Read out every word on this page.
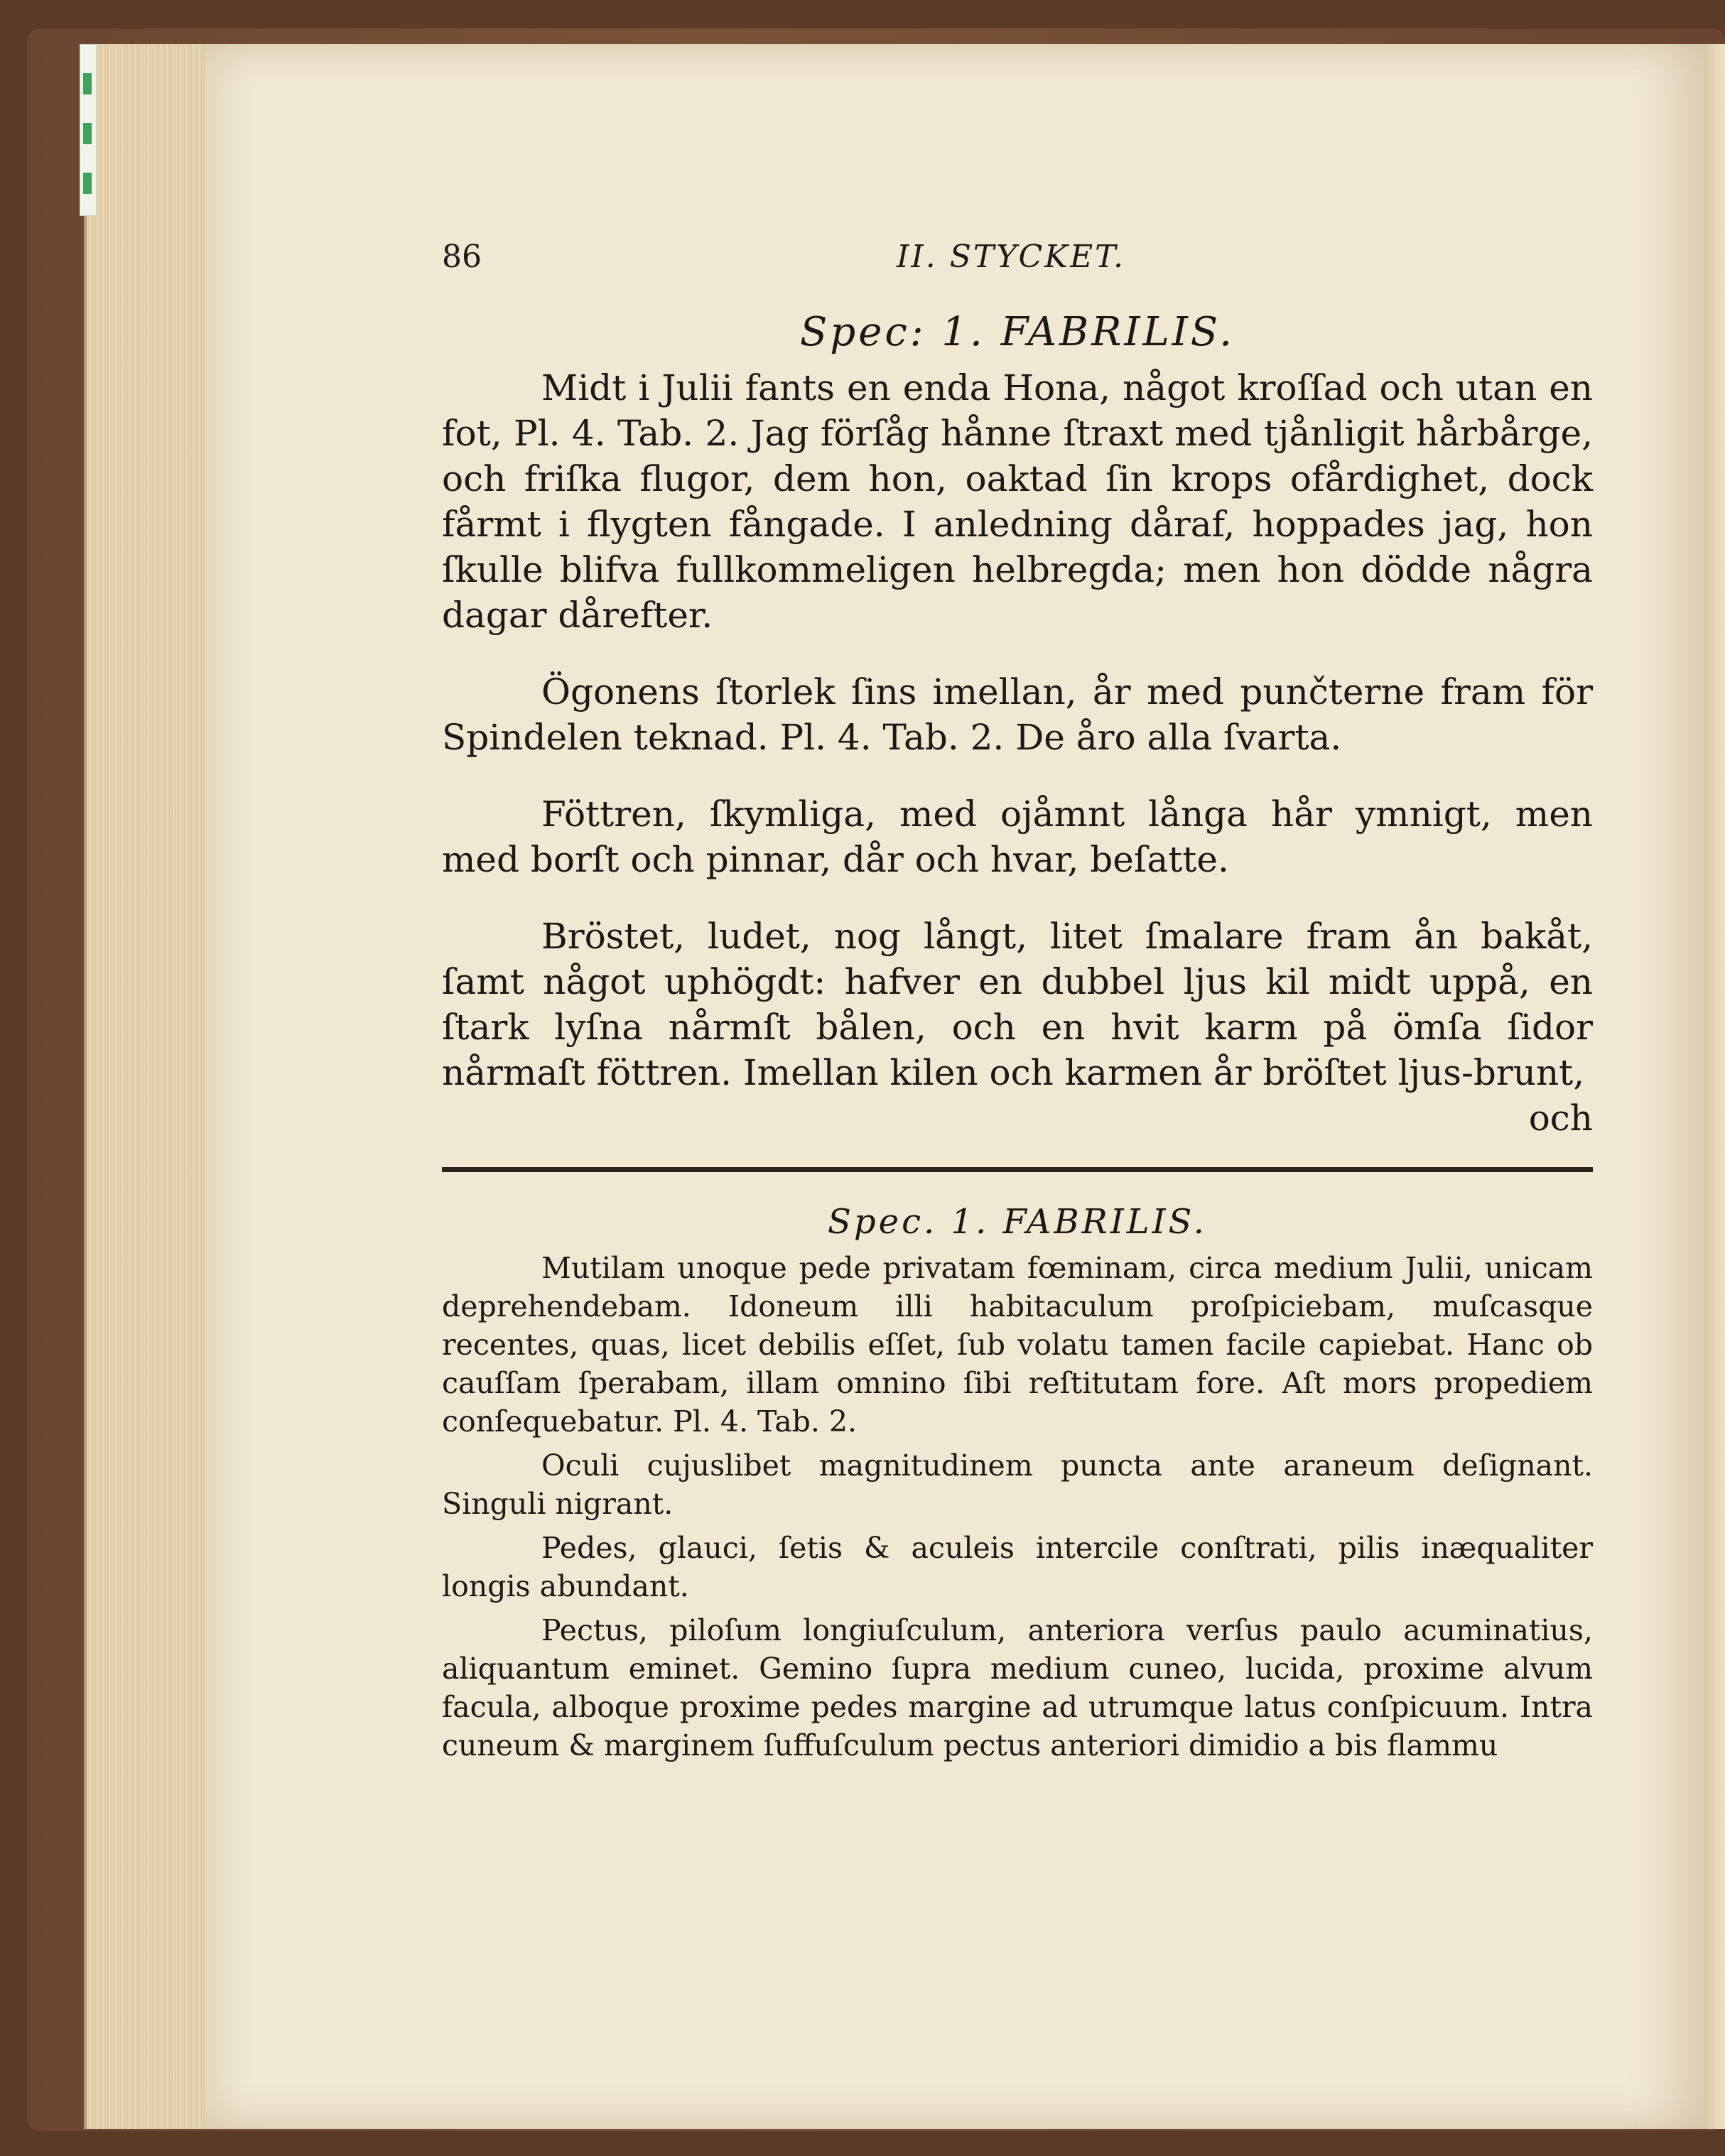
86	II. STYCKET.

Spec: 1. FABRILIS.

Midt i Julii fants en enda Hona, något kroſſad och utan en fot, Pl. 4. Tab. 2. Jag förſåg hånne ſtraxt med tjånligit hårbårge, och friſka flugor, dem hon, oaktad ſin krops ofårdighet, dock fårmt i flygten fångade. I anledning dåraf, hoppades jag, hon ſkulle blifva fullkommeligen helbregda; men hon dödde några dagar dårefter.

Ögonens ſtorlek ſins imellan, år med punčterne fram för Spindelen teknad. Pl. 4. Tab. 2. De åro alla ſvarta.

Föttren, ſkymliga, med ojåmnt långa hår ymnigt, men med borſt och pinnar, dår och hvar, beſatte.

Bröstet, ludet, nog långt, litet ſmalare fram ån bakåt, ſamt något uphögdt: hafver en dubbel ljus kil midt uppå, en ſtark lyſna nårmſt bålen, och en hvit karm på ömſa ſidor nårmaſt föttren. Imellan kilen och karmen år bröſtet ljus-brunt,

och

Spec. 1. FABRILIS.

Mutilam unoque pede privatam fœminam, circa medium Julii, unicam deprehendebam. Idoneum illi habitaculum proſpiciebam, muſcasque recentes, quas, licet debilis eſſet, ſub volatu tamen facile capiebat. Hanc ob cauſſam ſperabam, illam omnino ſibi reſtitutam fore. Aſt mors propediem conſequebatur. Pl. 4. Tab. 2.

Oculi cujuslibet magnitudinem puncta ante araneum deſignant. Singuli nigrant.

Pedes, glauci, ſetis & aculeis intercile conſtrati, pilis inæqualiter longis abundant.

Pectus, piloſum longiuſculum, anteriora verſus paulo acuminatius, aliquantum eminet. Gemino ſupra medium cuneo, lucida, proxime alvum facula, alboque proxime pedes margine ad utrumque latus conſpicuum. Intra cuneum & marginem ſuffuſculum pectus anteriori dimidio a bis flammu
